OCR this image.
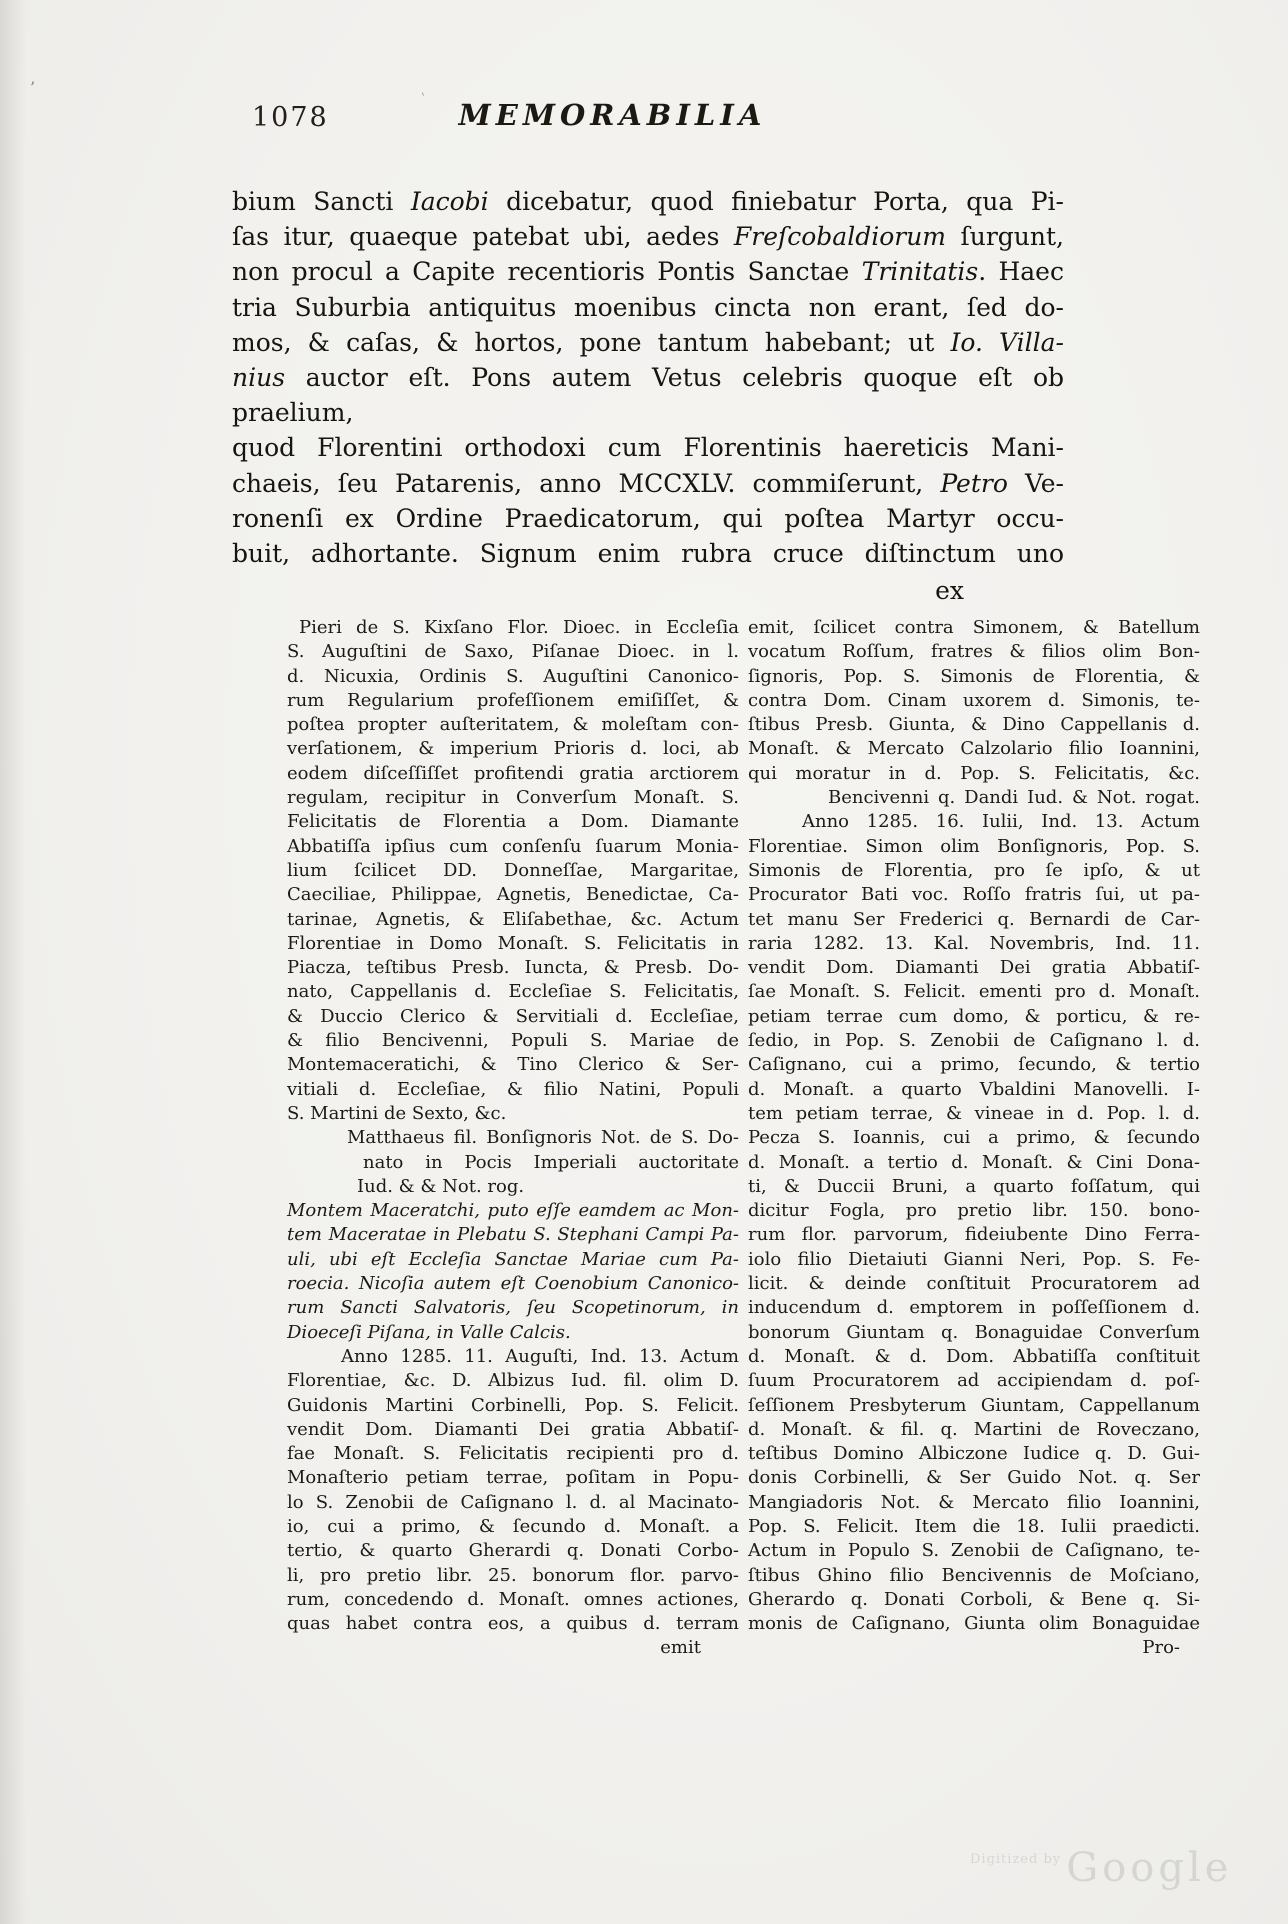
’
`
1078	MEMORABILIA
bium Sancti Iacobi dicebatur, quod finiebatur Porta, qua Pi-
ſas itur, quaeque patebat ubi, aedes Freſcobaldiorum ſurgunt,
non procul a Capite recentioris Pontis Sanctae Trinitatis. Haec
tria Suburbia antiquitus moenibus cincta non erant, ſed do-
mos, & caſas, & hortos, pone tantum habebant; ut Io. Villa-
nius auctor eſt. Pons autem Vetus celebris quoque eſt ob praelium,
quod Florentini orthodoxi cum Florentinis haereticis Mani-
chaeis, ſeu Patarenis, anno MCCXLV. commiſerunt, Petro Ve-
ronenſi ex Ordine Praedicatorum, qui poſtea Martyr occu-
buit, adhortante. Signum enim rubra cruce diſtinctum uno
ex
Pieri de S. Kixſano Flor. Dioec. in Eccleſia
S. Auguſtini de Saxo, Piſanae Dioec. in l.
d. Nicuxia, Ordinis S. Auguſtini Canonico-
rum Regularium profeſſionem emiſiſſet, &
poſtea propter auſteritatem, & moleſtam con-
verſationem, & imperium Prioris d. loci, ab
eodem diſceſſiſſet profitendi gratia arctiorem
regulam, recipitur in Converſum Monaſt. S.
Felicitatis de Florentia a Dom. Diamante
Abbatiſſa ipſius cum conſenſu ſuarum Monia-
lium ſcilicet DD. Donneſſae, Margaritae,
Caeciliae, Philippae, Agnetis, Benedictae, Ca-
tarinae, Agnetis, & Eliſabethae, &c. Actum
Florentiae in Domo Monaſt. S. Felicitatis in
Piacza, teſtibus Presb. Iuncta, & Presb. Do-
nato, Cappellanis d. Eccleſiae S. Felicitatis,
& Duccio Clerico & Servitiali d. Eccleſiae,
& filio Bencivenni, Populi S. Mariae de
Montemaceratichi, & Tino Clerico & Ser-
vitiali d. Eccleſiae, & filio Natini, Populi
S. Martini de Sexto, &c.
Matthaeus fil. Bonſignoris Not. de S. Do-
nato in Pocis Imperiali auctoritate
Iud. & & Not. rog.
Montem Maceratchi, puto eſſe eamdem ac Mon-
tem Maceratae in Plebatu S. Stephani Campi Pa-
uli, ubi eſt Eccleſia Sanctae Mariae cum Pa-
roecia. Nicoſia autem eſt Coenobium Canonico-
rum Sancti Salvatoris, ſeu Scopetinorum, in
Dioeceſi Piſana, in Valle Calcis.
Anno 1285. 11. Auguſti, Ind. 13. Actum
Florentiae, &c. D. Albizus Iud. fil. olim D.
Guidonis Martini Corbinelli, Pop. S. Felicit.
vendit Dom. Diamanti Dei gratia Abbatiſ-
fae Monaſt. S. Felicitatis recipienti pro d.
Monaſterio petiam terrae, poſitam in Popu-
lo S. Zenobii de Caſignano l. d. al Macinato-
io, cui a primo, & ſecundo d. Monaſt. a
tertio, & quarto Gherardi q. Donati Corbo-
li, pro pretio libr. 25. bonorum flor. parvo-
rum, concedendo d. Monaſt. omnes actiones,
quas habet contra eos, a quibus d. terram
emit
emit, ſcilicet contra Simonem, & Batellum
vocatum Roſſum, fratres & filios olim Bon-
ſignoris, Pop. S. Simonis de Florentia, &
contra Dom. Cinam uxorem d. Simonis, te-
ſtibus Presb. Giunta, & Dino Cappellanis d.
Monaſt. & Mercato Calzolario filio Ioannini,
qui moratur in d. Pop. S. Felicitatis, &c.
Bencivenni q. Dandi Iud. & Not. rogat.
Anno 1285. 16. Iulii, Ind. 13. Actum
Florentiae. Simon olim Bonſignoris, Pop. S.
Simonis de Florentia, pro ſe ipſo, & ut
Procurator Bati voc. Roſſo fratris ſui, ut pa-
tet manu Ser Frederici q. Bernardi de Car-
raria 1282. 13. Kal. Novembris, Ind. 11.
vendit Dom. Diamanti Dei gratia Abbatiſ-
ſae Monaſt. S. Felicit. ementi pro d. Monaſt.
petiam terrae cum domo, & porticu, & re-
ſedio, in Pop. S. Zenobii de Caſignano l. d.
Caſignano, cui a primo, ſecundo, & tertio
d. Monaſt. a quarto Vbaldini Manovelli. I-
tem petiam terrae, & vineae in d. Pop. l. d.
Pecza S. Ioannis, cui a primo, & ſecundo
d. Monaſt. a tertio d. Monaſt. & Cini Dona-
ti, & Duccii Bruni, a quarto foſſatum, qui
dicitur Fogla, pro pretio libr. 150. bono-
rum flor. parvorum, fideiubente Dino Ferra-
iolo filio Dietaiuti Gianni Neri, Pop. S. Fe-
licit. & deinde conſtituit Procuratorem ad
inducendum d. emptorem in poſſeſſionem d.
bonorum Giuntam q. Bonaguidae Converſum
d. Monaſt. & d. Dom. Abbatiſſa conſtituit
ſuum Procuratorem ad accipiendam d. poſ-
ſeſſionem Presbyterum Giuntam, Cappellanum
d. Monaſt. & fil. q. Martini de Roveczano,
teſtibus Domino Albiczone Iudice q. D. Gui-
donis Corbinelli, & Ser Guido Not. q. Ser
Mangiadoris Not. & Mercato filio Ioannini,
Pop. S. Felicit. Item die 18. Iulii praedicti.
Actum in Populo S. Zenobii de Caſignano, te-
ſtibus Ghino filio Bencivennis de Moſciano,
Gherardo q. Donati Corboli, & Bene q. Si-
monis de Caſignano, Giunta olim Bonaguidae
Pro-
$^{Digitized by}$ Google
